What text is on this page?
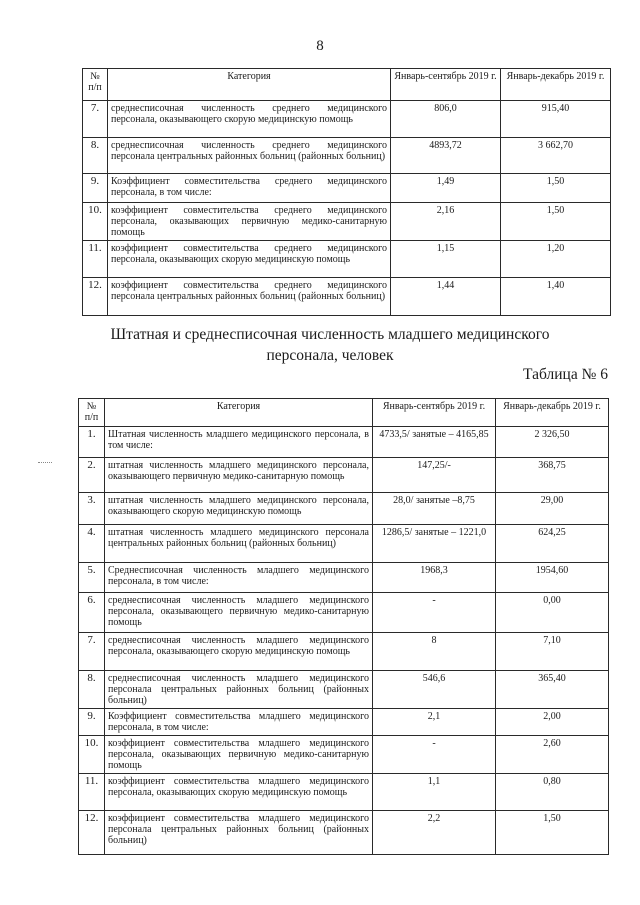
8
№ п/п	Категория	Январь-сентябрь 2019 г.	Январь-декабрь 2019 г.
7.	среднесписочная численность среднего медицинского персонала, оказывающего скорую медицинскую помощь	806,0	915,40
8.	среднесписочная численность среднего медицинского персонала центральных районных больниц (районных больниц)	4893,72	3 662,70
9.	Коэффициент совместительства среднего медицинского персонала, в том числе:	1,49	1,50
10.	коэффициент совместительства среднего медицинского персонала, оказывающих первичную медико-санитарную помощь	2,16	1,50
11.	коэффициент совместительства среднего медицинского персонала, оказывающих скорую медицинскую помощь	1,15	1,20
12.	коэффициент совместительства среднего медицинского персонала центральных районных больниц (районных больниц)	1,44	1,40
Штатная и среднесписочная численность младшего медицинского
персонала, человек
Таблица № 6
№ п/п	Категория	Январь-сентябрь 2019 г.	Январь-декабрь 2019 г.
1.	Штатная численность младшего медицинского персонала, в том числе:	4733,5/ занятые – 4165,85	2 326,50
2.	штатная численность младшего медицинского персонала, оказывающего первичную медико-санитарную помощь	147,25/-	368,75
3.	штатная численность младшего медицинского персонала, оказывающего скорую медицинскую помощь	28,0/ занятые –8,75	29,00
4.	штатная численность младшего медицинского персонала центральных районных больниц (районных больниц)	1286,5/ занятые – 1221,0	624,25
5.	Среднесписочная численность младшего медицинского персонала, в том числе:	1968,3	1954,60
6.	среднесписочная численность младшего медицинского персонала, оказывающего первичную медико-санитарную помощь	-	0,00
7.	среднесписочная численность младшего медицинского персонала, оказывающего скорую медицинскую помощь	8	7,10
8.	среднесписочная численность младшего медицинского персонала центральных районных больниц (районных больниц)	546,6	365,40
9.	Коэффициент совместительства младшего медицинского персонала, в том числе:	2,1	2,00
10.	коэффициент совместительства младшего медицинского персонала, оказывающих первичную медико-санитарную помощь	-	2,60
11.	коэффициент совместительства младшего медицинского персонала, оказывающих скорую медицинскую помощь	1,1	0,80
12.	коэффициент совместительства младшего медицинского персонала центральных районных больниц (районных больниц)	2,2	1,50
